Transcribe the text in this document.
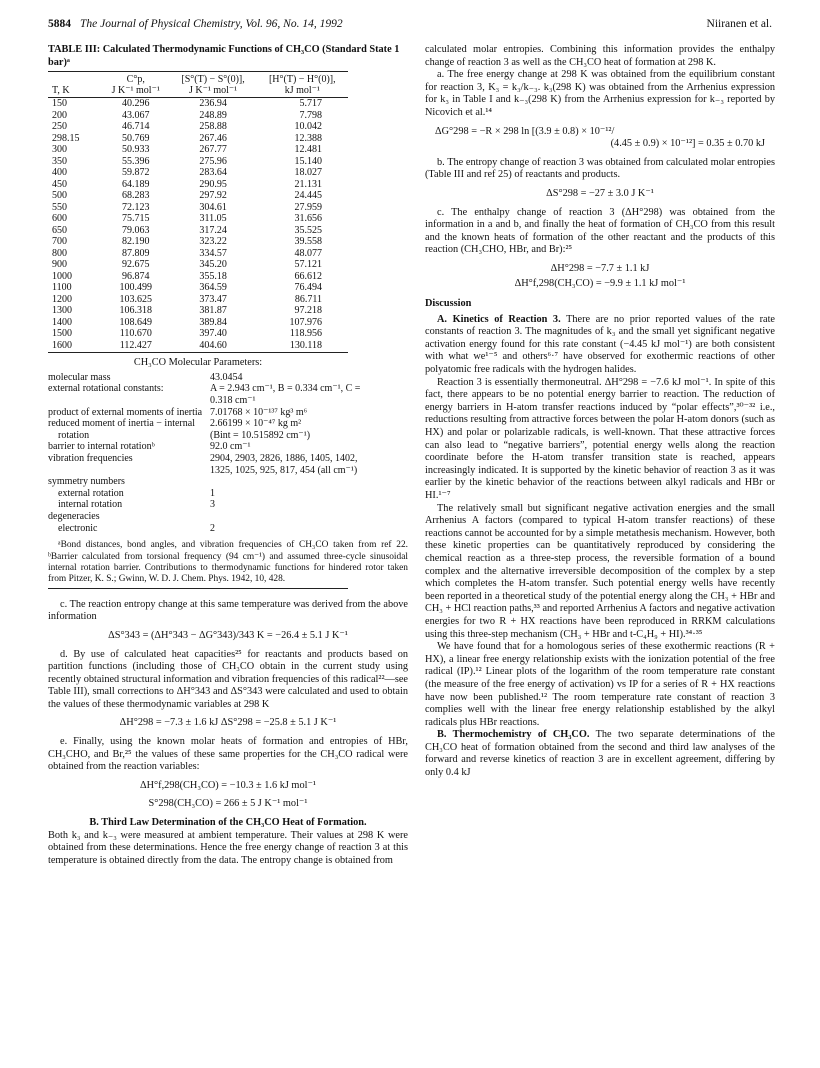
5884 The Journal of Physical Chemistry, Vol. 96, No. 14, 1992	Niiranen et al.
TABLE III: Calculated Thermodynamic Functions of CH₃CO (Standard State 1 bar)ᵃ
	C°p,	[S°(T) − S°(0)],	[H°(T) − H°(0)],
T, K	J K⁻¹ mol⁻¹	J K⁻¹ mol⁻¹	kJ mol⁻¹
150	40.296	236.94	5.717
200	43.067	248.89	7.798
250	46.714	258.88	10.042
298.15	50.769	267.46	12.388
300	50.933	267.77	12.481
350	55.396	275.96	15.140
400	59.872	283.64	18.027
450	64.189	290.95	21.131
500	68.283	297.92	24.445
550	72.123	304.61	27.959
600	75.715	311.05	31.656
650	79.063	317.24	35.525
700	82.190	323.22	39.558
800	87.809	334.57	48.077
900	92.675	345.20	57.121
1000	96.874	355.18	66.612
1100	100.499	364.59	76.494
1200	103.625	373.47	86.711
1300	106.318	381.87	97.218
1400	108.649	389.84	107.976
1500	110.670	397.40	118.956
1600	112.427	404.60	130.118
CH₃CO Molecular Parameters:
molecular mass	43.0454
external rotational constants:	A = 2.943 cm⁻¹, B = 0.334 cm⁻¹, C = 0.318 cm⁻¹
product of external moments of inertia 7.01768 × 10⁻¹³⁷ kg³ m⁶
reduced moment of inertia − internal	2.66199 × 10⁻⁴⁷ kg m²
rotation	(Bint = 10.515892 cm⁻¹)
barrier to internal rotationᵇ	92.0 cm⁻¹
vibration frequencies	2904, 2903, 2826, 1886, 1405, 1402, 1325, 1025, 925, 817, 454 (all cm⁻¹)
symmetry numbers
external rotation	1
internal rotation	3
degeneracies
electronic	2

ᵃBond distances, bond angles, and vibration frequencies of CH₃CO taken from ref 22. ᵇBarrier calculated from torsional frequency (94 cm⁻¹) and assumed three-cycle sinusoidal internal rotation barrier. Contributions to thermodynamic functions for hindered rotor taken from Pitzer, K. S.; Gwinn, W. D. J. Chem. Phys. 1942, 10, 428.

c. The reaction entropy change at this same temperature was derived from the above information

ΔS°343 = (ΔH°343 − ΔG°343)/343 K = −26.4 ± 5.1 J K⁻¹

d. By use of calculated heat capacities²⁵ for reactants and products based on partition functions (including those of CH₃CO obtain in the current study using recently obtained structural information and vibration frequencies of this radical²²—see Table III), small corrections to ΔH°343 and ΔS°343 were calculated and used to obtain the values of these thermodynamic variables at 298 K

ΔH°298 = −7.3 ± 1.6 kJ ΔS°298 = −25.8 ± 5.1 J K⁻¹

e. Finally, using the known molar heats of formation and entropies of HBr, CH₃CHO, and Br,²⁵ the values of these same properties for the CH₃CO radical were obtained from the reaction variables:

ΔH°f,298(CH₃CO) = −10.3 ± 1.6 kJ mol⁻¹
S°298(CH₃CO) = 266 ± 5 J K⁻¹ mol⁻¹
B. Third Law Determination of the CH₃CO Heat of Formation.

Both k₃ and k₋₃ were measured at ambient temperature. Their values at 298 K were obtained from these determinations. Hence the free energy change of reaction 3 at this temperature is obtained directly from the data. The entropy change is obtained from

calculated molar entropies. Combining this information provides the enthalpy change of reaction 3 as well as the CH₃CO heat of formation at 298 K.

a. The free energy change at 298 K was obtained from the equilibrium constant for reaction 3, K₃ = k₃/k₋₃. k₃(298 K) was obtained from the Arrhenius expression for k₃ in Table I and k₋₃(298 K) from the Arrhenius expression for k₋₃ reported by Nicovich et al.¹⁴

ΔG°298 = −R × 298 ln [(3.9 ± 0.8) × 10⁻¹²/
(4.45 ± 0.9) × 10⁻¹²] = 0.35 ± 0.70 kJ

b. The entropy change of reaction 3 was obtained from calculated molar entropies (Table III and ref 25) of reactants and products.

ΔS°298 = −27 ± 3.0 J K⁻¹

c. The enthalpy change of reaction 3 (ΔH°298) was obtained from the information in a and b, and finally the heat of formation of CH₃CO from this result and the known heats of formation of the other reactant and the products of this reaction (CH₃CHO, HBr, and Br):²⁵

ΔH°298 = −7.7 ± 1.1 kJ
ΔH°f,298(CH₃CO) = −9.9 ± 1.1 kJ mol⁻¹
Discussion

A. Kinetics of Reaction 3. There are no prior reported values of the rate constants of reaction 3. The magnitudes of k₃ and the small yet significant negative activation energy found for this rate constant (−4.45 kJ mol⁻¹) are both consistent with what we¹⁻⁵ and others⁶·⁷ have observed for exothermic reactions of other polyatomic free radicals with the hydrogen halides.

Reaction 3 is essentially thermoneutral. ΔH°298 = −7.6 kJ mol⁻¹. In spite of this fact, there appears to be no potential energy barrier to reaction. The reduction of energy barriers in H-atom transfer reactions induced by “polar effects”,³⁰⁻³² i.e., reductions resulting from attractive forces between the polar H-atom donors (such as HX) and polar or polarizable radicals, is well-known. That these attractive forces can also lead to “negative barriers”, potential energy wells along the reaction coordinate before the H-atom transfer transition state is reached, appears increasingly indicated. It is supported by the kinetic behavior of reaction 3 as it was earlier by the kinetic behavior of the reactions between alkyl radicals and HBr or HI.¹⁻⁷

The relatively small but significant negative activation energies and the small Arrhenius A factors (compared to typical H-atom transfer reactions) of these reactions cannot be accounted for by a simple metathesis mechanism. However, both these kinetic properties can be quantitatively reproduced by considering the chemical reaction as a three-step process, the reversible formation of a bound complex and the alternative irreversible decomposition of the complex by a step which completes the H-atom transfer. Such potential energy wells have recently been reported in a theoretical study of the potential energy along the CH₃ + HBr and CH₃ + HCl reaction paths,³³ and reported Arrhenius A factors and negative activation energies for two R + HX reactions have been reproduced in RRKM calculations using this three-step mechanism (CH₃ + HBr and t-C₄H₉ + HI).³⁴·³⁵

We have found that for a homologous series of these exothermic reactions (R + HX), a linear free energy relationship exists with the ionization potential of the free radical (IP).¹² Linear plots of the logarithm of the room temperature rate constant (the measure of the free energy of activation) vs IP for a series of R + HX reactions have now been published.¹² The room temperature rate constant of reaction 3 complies well with the linear free energy relationship established by the alkyl radicals plus HBr reactions.

B. Thermochemistry of CH₃CO. The two separate determinations of the CH₃CO heat of formation obtained from the second and third law analyses of the forward and reverse kinetics of reaction 3 are in excellent agreement, differing by only 0.4 kJ
